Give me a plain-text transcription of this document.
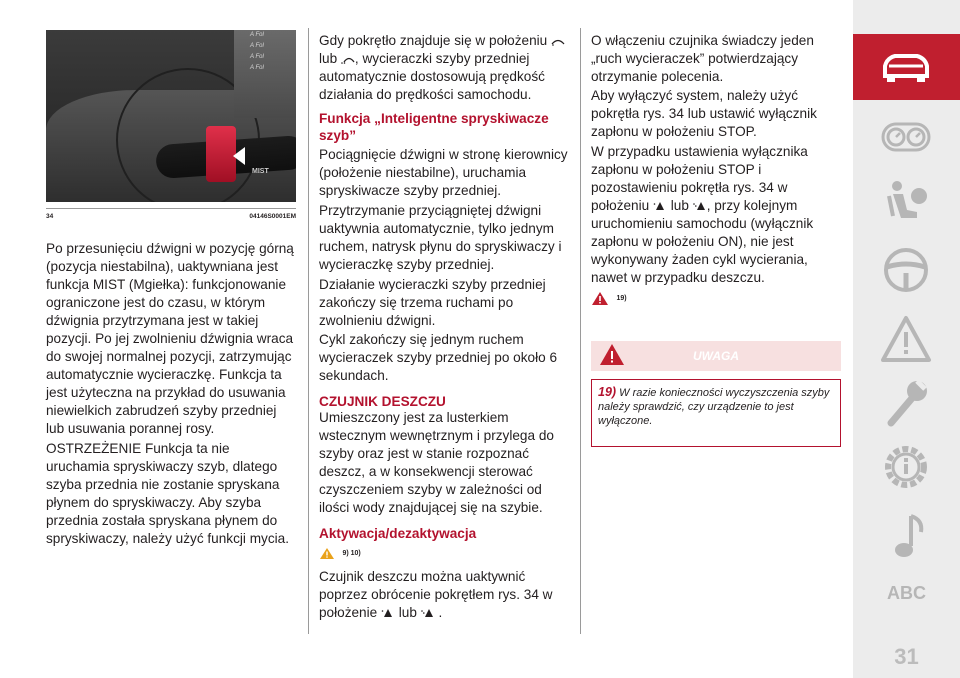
A Fol
A Fol
A Fol
A Fol
MIST
34	04146S0001EM

Po przesunięciu dźwigni w pozycję górną (pozycja niestabilna), uaktywniana jest funkcja MIST (Mgiełka): funkcjonowanie ograniczone jest do czasu, w którym dźwignia przytrzymana jest w takiej pozycji. Po jej zwolnieniu dźwignia wraca do swojej normalnej pozycji, zatrzymując automatycznie wycieraczkę. Funkcja ta jest użyteczna na przykład do usuwania niewielkich zabrudzeń szyby przedniej lub usuwania porannej rosy.

OSTRZEŻENIE Funkcja ta nie uruchamia spryskiwaczy szyb, dlatego szyba przednia nie zostanie spryskana płynem do spryskiwaczy. Aby szyba przednia została spryskana płynem do spryskiwaczy, należy użyć funkcji mycia.

Gdy pokrętło znajduje się w położeniu  lub , wycieraczki szyby przedniej automatycznie dostosowują prędkość działania do prędkości samochodu.

Funkcja „Inteligentne spryskiwacze szyb”

Pociągnięcie dźwigni w stronę kierownicy (położenie niestabilne), uruchamia spryskiwacze szyby przedniej.

Przytrzymanie przyciągniętej dźwigni uaktywnia automatycznie, tylko jednym ruchem, natrysk płynu do spryskiwaczy i wycieraczkę szyby przedniej.

Działanie wycieraczki szyby przedniej zakończy się trzema ruchami po zwolnieniu dźwigni.

Cykl zakończy się jednym ruchem wycieraczek szyby przedniej po około 6 sekundach.

CZUJNIK DESZCZU

Umieszczony jest za lusterkiem wstecznym wewnętrznym i przylega do szyby oraz jest w stanie rozpoznać deszcz, a w konsekwencji sterować czyszczeniem szyby w zależności od ilości wody znajdującej się na szybie.

Aktywacja/dezaktywacja

9) 10)

Czujnik deszczu można uaktywnić poprzez obrócenie pokrętłem rys. 34 w położenie lub .

O włączeniu czujnika świadczy jeden „ruch wycieraczek” potwierdzający otrzymanie polecenia.

Aby wyłączyć system, należy użyć pokrętła rys. 34 lub ustawić wyłącznik zapłonu w położeniu STOP.

W przypadku ustawienia wyłącznika zapłonu w położeniu STOP i pozostawieniu pokrętła rys. 34 w położeniu lub , przy kolejnym uruchomieniu samochodu (wyłącznik zapłonu w położeniu ON), nie jest wykonywany żaden cykl wycierania, nawet w przypadku deszczu.

19)
UWAGA

19) W razie konieczności wyczyszczenia szyby należy sprawdzić, czy urządzenie to jest wyłączone.

ABC
31
